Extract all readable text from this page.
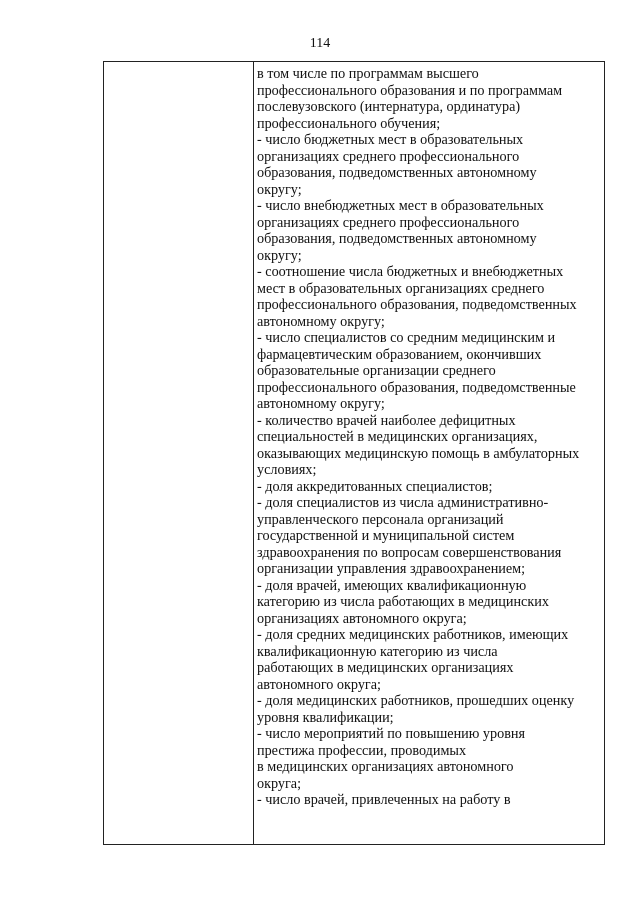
114
в том числе по программам высшего
профессионального образования и по программам
послевузовского (интернатура, ординатура)
профессионального обучения;
- число бюджетных мест в образовательных
организациях среднего профессионального
образования, подведомственных автономному
округу;
- число внебюджетных мест в образовательных
организациях среднего профессионального
образования, подведомственных автономному
округу;
- соотношение числа бюджетных и внебюджетных
мест в образовательных организациях среднего
профессионального образования, подведомственных
автономному округу;
- число специалистов со средним медицинским и
фармацевтическим образованием, окончивших
образовательные организации среднего
профессионального образования, подведомственные
автономному округу;
- количество врачей наиболее дефицитных
специальностей в медицинских организациях,
оказывающих медицинскую помощь в амбулаторных
условиях;
- доля аккредитованных специалистов;
- доля специалистов из числа административно-
управленческого персонала организаций
государственной и муниципальной систем
здравоохранения по вопросам совершенствования
организации управления здравоохранением;
- доля врачей, имеющих квалификационную
категорию из числа работающих в медицинских
организациях автономного округа;
- доля средних медицинских работников, имеющих
квалификационную категорию из числа
работающих в медицинских организациях
автономного округа;
- доля медицинских работников, прошедших оценку
уровня квалификации;
- число мероприятий по повышению уровня
престижа профессии, проводимых
в медицинских организациях автономного
округа;
- число врачей, привлеченных на работу в
